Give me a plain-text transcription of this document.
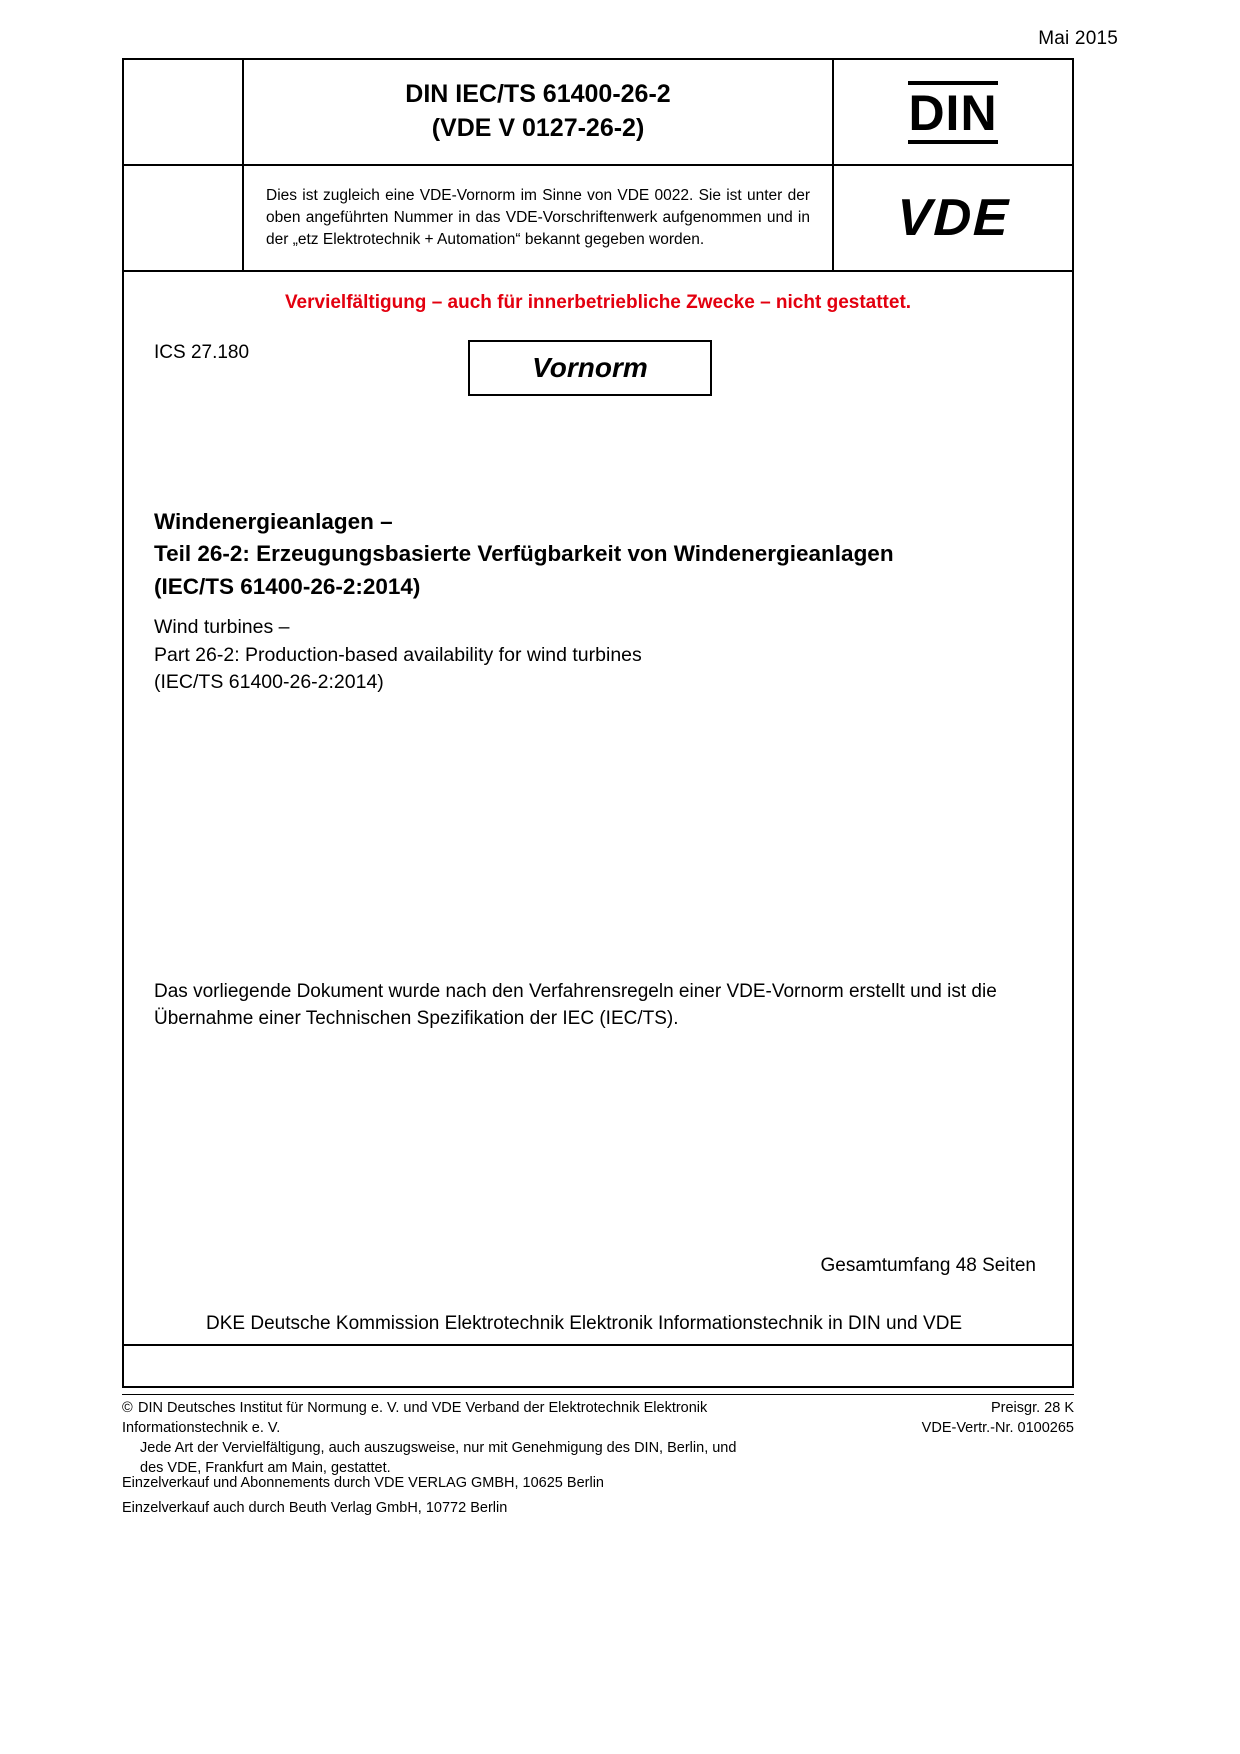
Mai 2015
DIN IEC/TS 61400-26-2
(VDE V 0127-26-2)	DIN
Dies ist zugleich eine VDE-Vornorm im Sinne von VDE 0022. Sie ist unter der oben angeführten Nummer in das VDE-Vorschriftenwerk aufgenommen und in der „etz Elektrotechnik + Automation“ bekannt gegeben worden.	VDE
Vervielfältigung – auch für innerbetriebliche Zwecke – nicht gestattet.
ICS 27.180	Vornorm
Windenergieanlagen –
Teil 26-2: Erzeugungsbasierte Verfügbarkeit von Windenergieanlagen
(IEC/TS 61400-26-2:2014)
Wind turbines –
Part 26-2: Production-based availability for wind turbines
(IEC/TS 61400-26-2:2014)
Das vorliegende Dokument wurde nach den Verfahrensregeln einer VDE-Vornorm erstellt und ist die Übernahme einer Technischen Spezifikation der IEC (IEC/TS).
Gesamtumfang 48 Seiten
DKE Deutsche Kommission Elektrotechnik Elektronik Informationstechnik in DIN und VDE
© DIN Deutsches Institut für Normung e. V. und VDE Verband der Elektrotechnik Elektronik Informationstechnik e. V.
Jede Art der Vervielfältigung, auch auszugsweise, nur mit Genehmigung des DIN, Berlin, und
des VDE, Frankfurt am Main, gestattet.
Preisgr. 28 K
VDE-Vertr.-Nr. 0100265
Einzelverkauf und Abonnements durch VDE VERLAG GMBH, 10625 Berlin
Einzelverkauf auch durch Beuth Verlag GmbH, 10772 Berlin
